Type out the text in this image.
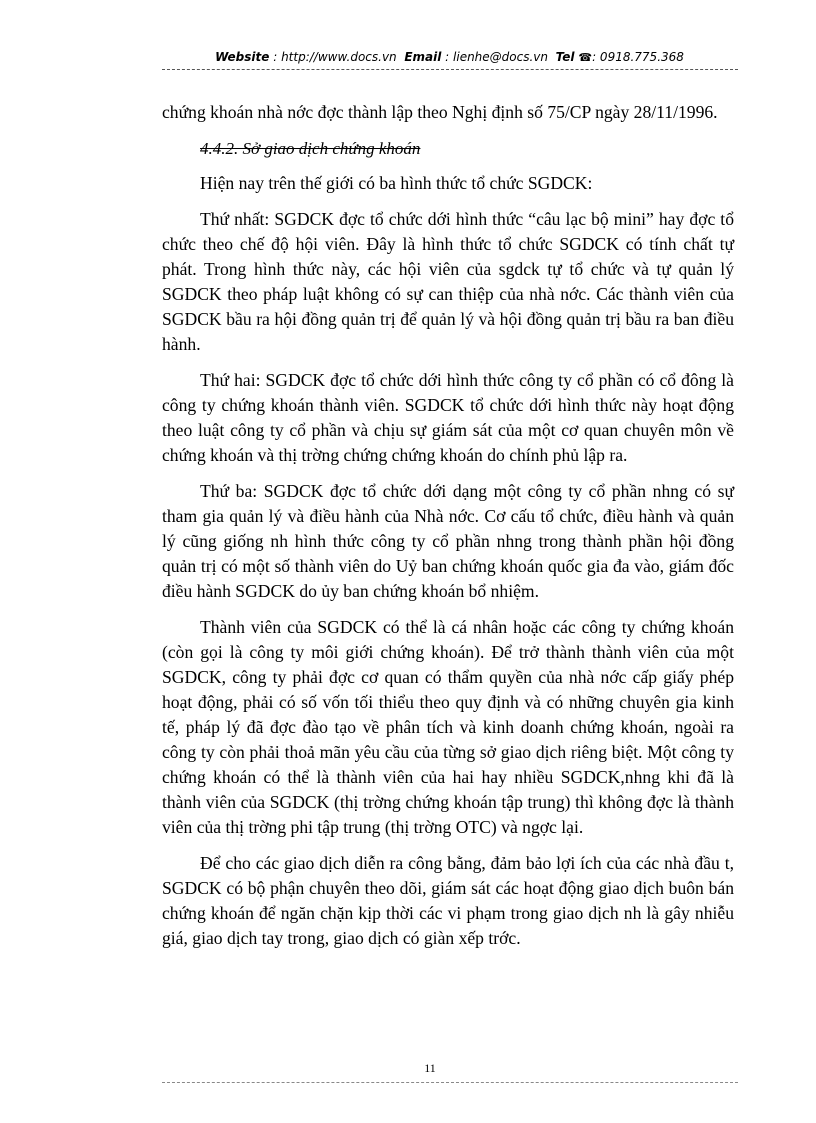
Website : http://www.docs.vn Email : lienhe@docs.vn Tel ☎: 0918.775.368

chứng khoán nhà nớc đợc thành lập theo Nghị định số 75/CP ngày 28/11/1996.

4.4.2. Sở giao dịch chứng khoán

Hiện nay trên thế giới có ba hình thức tổ chức SGDCK:

Thứ nhất: SGDCK đợc tổ chức dới hình thức “câu lạc bộ mini” hay đợc tổ chức theo chế độ hội viên. Đây là hình thức tổ chức SGDCK có tính chất tự phát. Trong hình thức này, các hội viên của sgdck tự tổ chức và tự quản lý SGDCK theo pháp luật không có sự can thiệp của nhà nớc. Các thành viên của SGDCK bầu ra hội đồng quản trị để quản lý và hội đồng quản trị bầu ra ban điều hành.

Thứ hai: SGDCK đợc tổ chức dới hình thức công ty cổ phần có cổ đông là công ty chứng khoán thành viên. SGDCK tổ chức dới hình thức này hoạt động theo luật công ty cổ phần và chịu sự giám sát của một cơ quan chuyên môn về chứng khoán và thị trờng chứng chứng khoán do chính phủ lập ra.

Thứ ba: SGDCK đợc tổ chức dới dạng một công ty cổ phần nhng có sự tham gia quản lý và điều hành của Nhà nớc. Cơ cấu tổ chức, điều hành và quản lý cũng giống nh hình thức công ty cổ phần nhng trong thành phần hội đồng quản trị có một số thành viên do Uỷ ban chứng khoán quốc gia đa vào, giám đốc điều hành SGDCK do ủy ban chứng khoán bổ nhiệm.

Thành viên của SGDCK có thể là cá nhân hoặc các công ty chứng khoán (còn gọi là công ty môi giới chứng khoán). Để trở thành thành viên của một SGDCK, công ty phải đợc cơ quan có thẩm quyền của nhà nớc cấp giấy phép hoạt động, phải có số vốn tối thiểu theo quy định và có những chuyên gia kinh tế, pháp lý đã đợc đào tạo về phân tích và kinh doanh chứng khoán, ngoài ra công ty còn phải thoả mãn yêu cầu của từng sở giao dịch riêng biệt. Một công ty chứng khoán có thể là thành viên của hai hay nhiều SGDCK,nhng khi đã là thành viên của SGDCK (thị trờng chứng khoán tập trung) thì không đợc là thành viên của thị trờng phi tập trung (thị trờng OTC) và ngợc lại.

Để cho các giao dịch diễn ra công bằng, đảm bảo lợi ích của các nhà đầu t, SGDCK có bộ phận chuyên theo dõi, giám sát các hoạt động giao dịch buôn bán chứng khoán để ngăn chặn kịp thời các vi phạm trong giao dịch nh là gây nhiễu giá, giao dịch tay trong, giao dịch có giàn xếp trớc.

11
